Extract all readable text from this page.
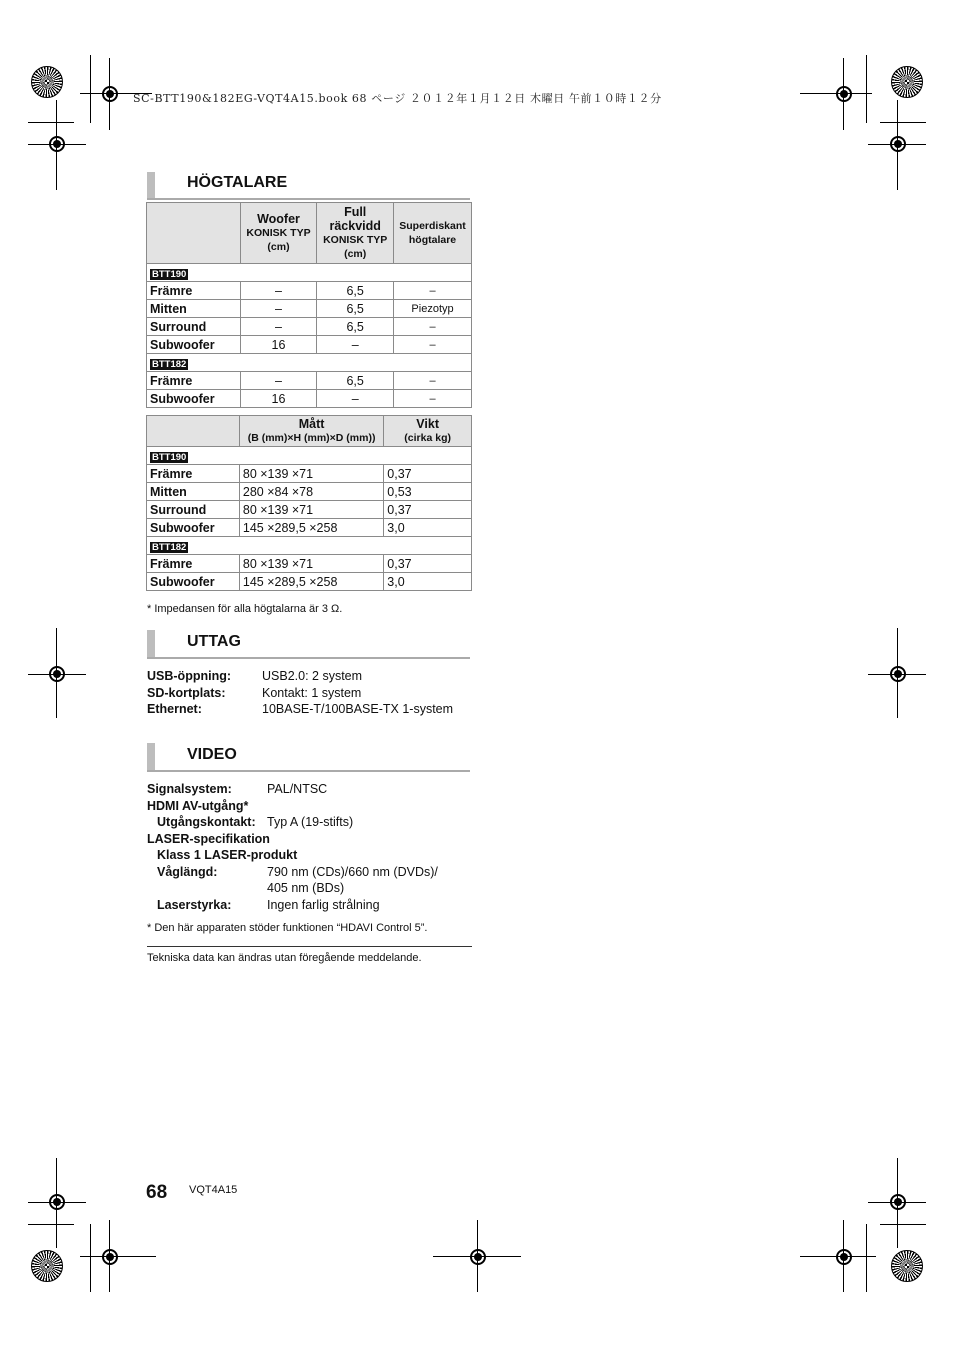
SC-BTT190&182EG-VQT4A15.book 68 ページ ２０１２年１月１２日 木曜日 午前１０時１２分
HÖGTALARE
	Woofer

KONISK TYP
(cm)	Full
räckvidd
KONISK TYP
(cm)	Superdiskant
högtalare

BTT190			
Främre	–	6,5	–
Mitten	–	6,5	Piezotyp
Surround	–	6,5	–
Subwoofer	16	–	–
BTT182			
Främre	–	6,5	–
Subwoofer	16	–	–
	Mått
(B (mm)×H (mm)×D (mm))	Vikt
(cirka kg)

BTT190		
Främre	80 ×139 ×71	0,37
Mitten	280 ×84 ×78	0,53
Surround	80 ×139 ×71	0,37
Subwoofer	145 ×289,5 ×258	3,0
BTT182		
Främre	80 ×139 ×71	0,37
Subwoofer	145 ×289,5 ×258	3,0
* Impedansen för alla högtalarna är 3 Ω.
UTTAG
USB-öppning: USB2.0: 2 system
SD-kortplats:	Kontakt: 1 system
Ethernet:	10BASE-T/100BASE-TX 1-system
VIDEO
Signalsystem:	PAL/NTSC
HDMI AV-utgång*
Utgångskontakt: Typ A (19-stifts)
LASER-specifikation
Klass 1 LASER-produkt
Våglängd:	790 nm (CDs)/660 nm (DVDs)/
405 nm (BDs)
Laserstyrka:	Ingen farlig strålning
* Den här apparaten stöder funktionen “HDAVI Control 5”.
Tekniska data kan ändras utan föregående meddelande.
68 VQT4A15
